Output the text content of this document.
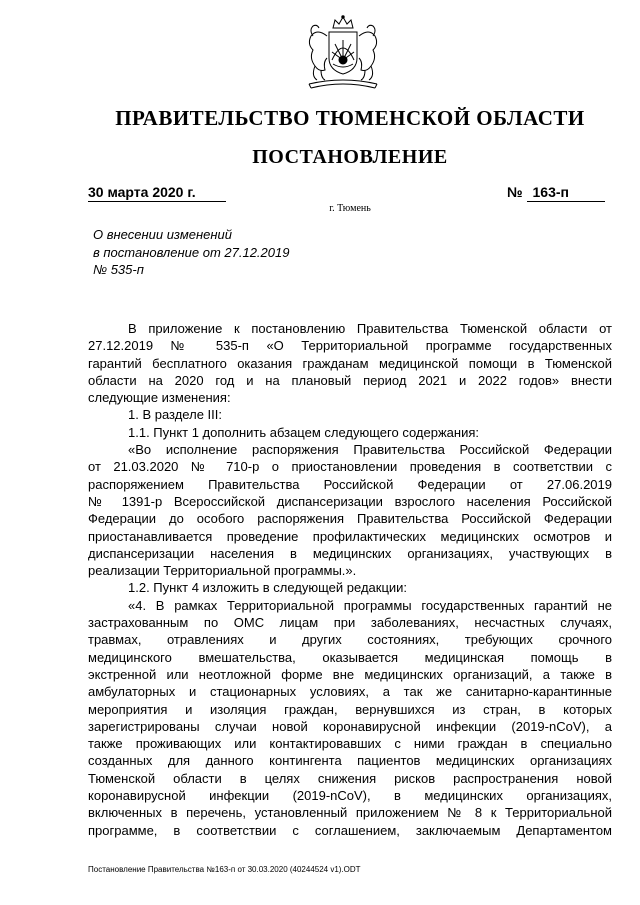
ПРАВИТЕЛЬСТВО ТЮМЕНСКОЙ ОБЛАСТИ
ПОСТАНОВЛЕНИЕ
30 марта 2020 г.	№ 163-п
г. Тюмень
О внесении изменений
в постановление от 27.12.2019
№ 535-п
В приложение к постановлению Правительства Тюменской области от
27.12.2019 № 535-п «О Территориальной программе государственных
гарантий бесплатного оказания гражданам медицинской помощи в Тюменской
области на 2020 год и на плановый период 2021 и 2022 годов» внести
следующие изменения:
1. В разделе III:
1.1. Пункт 1 дополнить абзацем следующего содержания:
«Во исполнение распоряжения Правительства Российской Федерации
от 21.03.2020 № 710-р о приостановлении проведения в соответствии с
распоряжением Правительства Российской Федерации от 27.06.2019
№ 1391-р Всероссийской диспансеризации взрослого населения Российской
Федерации до особого распоряжения Правительства Российской Федерации
приостанавливается проведение профилактических медицинских осмотров и
диспансеризации населения в медицинских организациях, участвующих в
реализации Территориальной программы.».
1.2. Пункт 4 изложить в следующей редакции:
«4. В рамках Территориальной программы государственных гарантий не
застрахованным по ОМС лицам при заболеваниях, несчастных случаях,
травмах, отравлениях и других состояниях, требующих срочного
медицинского вмешательства, оказывается медицинская помощь в
экстренной или неотложной форме вне медицинских организаций, а также в
амбулаторных и стационарных условиях, а так же санитарно-карантинные
мероприятия и изоляция граждан, вернувшихся из стран, в которых
зарегистрированы случаи новой коронавирусной инфекции (2019-nCoV), а
также проживающих или контактировавших с ними граждан в специально
созданных для данного контингента пациентов медицинских организациях
Тюменской области в целях снижения рисков распространения новой
коронавирусной инфекции (2019-nCoV), в медицинских организациях,
включенных в перечень, установленный приложением № 8 к Территориальной
программе, в соответствии с соглашением, заключаемым Департаментом
Постановление Правительства №163-п от 30.03.2020 (40244524 v1).ODT
